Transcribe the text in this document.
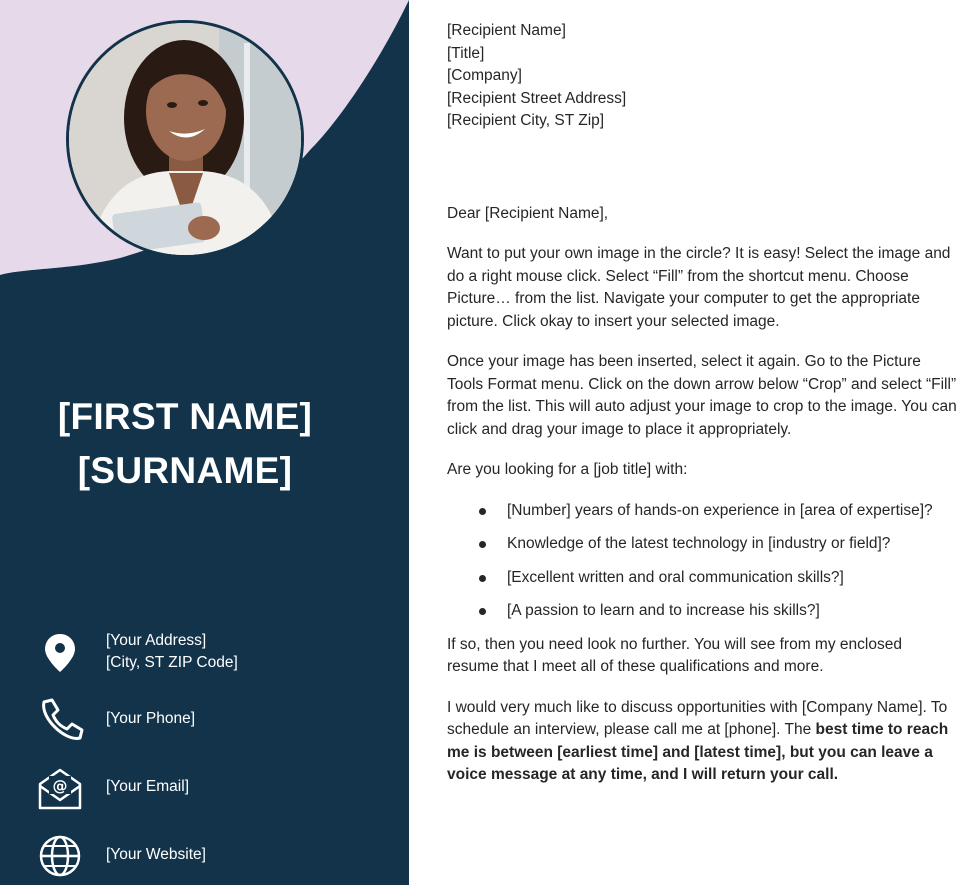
[FIRST NAME]
[SURNAME]
[Your Address]
[City, ST ZIP Code]
[Your Phone]
@ [Your Email]
[Your Website]

[Recipient Name]

[Title]

[Company]

[Recipient Street Address]

[Recipient City, ST Zip]

Dear [Recipient Name],

Want to put your own image in the circle? It is easy! Select the image and do a right mouse click. Select “Fill” from the shortcut menu. Choose Picture… from the list. Navigate your computer to get the appropriate picture. Click okay to insert your selected image.

Once your image has been inserted, select it again. Go to the Picture Tools Format menu. Click on the down arrow below “Crop” and select “Fill” from the list. This will auto adjust your image to crop to the image. You can click and drag your image to place it appropriately.

Are you looking for a [job title] with:

[Number] years of hands-on experience in [area of expertise]?
Knowledge of the latest technology in [industry or field]?
[Excellent written and oral communication skills?]
[A passion to learn and to increase his skills?]

If so, then you need look no further. You will see from my enclosed resume that I meet all of these qualifications and more.

I would very much like to discuss opportunities with [Company Name]. To schedule an interview, please call me at [phone]. The best time to reach me is between [earliest time] and [latest time], but you can leave a voice message at any time, and I will return your call.
